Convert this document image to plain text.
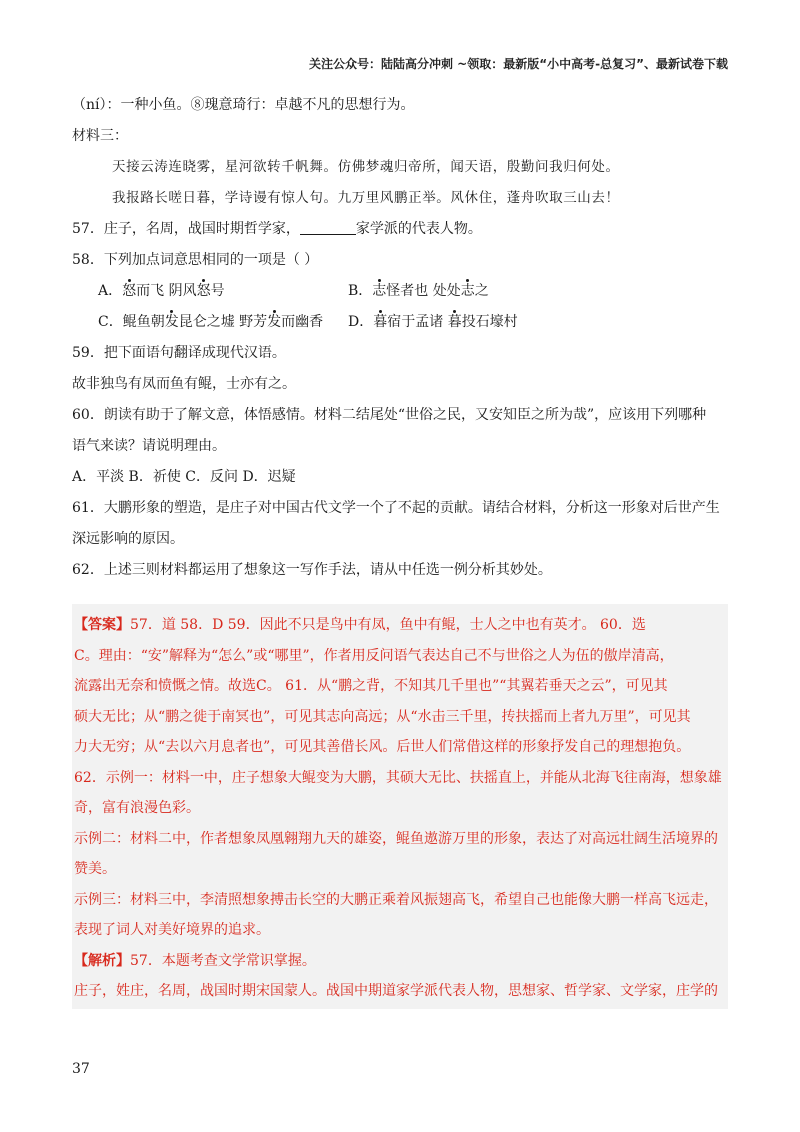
关注公众号：陆陆高分冲刺 ~领取：最新版“小中高考-总复习”、最新试卷下载

（ní）：一种小鱼。⑧瑰意琦行：卓越不凡的思想行为。

材料三：

天接云涛连晓雾，星河欲转千帆舞。仿佛梦魂归帝所，闻天语，殷勤问我归何处。

我报路长嗟日暮，学诗谩有惊人句。九万里风鹏正举。风休住，蓬舟吹取三山去！

57．庄子，名周，战国时期哲学家，	家学派的代表人物。

58．下列加点词意思相同的一项是（ ）

A．怒而飞 阴风怒号	B．志怪者也 处处志之
C．鲲鱼朝发昆仑之墟 野芳发而幽香	D．暮宿于孟诸 暮投石壕村

59．把下面语句翻译成现代汉语。

故非独鸟有凤而鱼有鲲，士亦有之。

60．朗读有助于了解文意，体悟感情。材料二结尾处“世俗之民，又安知臣之所为哉”，应该用下列哪种

语气来读？请说明理由。

A．平淡 B．祈使 C．反问 D．迟疑

61．大鹏形象的塑造，是庄子对中国古代文学一个了不起的贡献。请结合材料，分析这一形象对后世产生

深远影响的原因。

62．上述三则材料都运用了想象这一写作手法，请从中任选一例分析其妙处。

【答案】57．道 58．D 59．因此不只是鸟中有凤，鱼中有鲲，士人之中也有英才。 60．选

C。理由：“安”解释为“怎么”或“哪里”，作者用反问语气表达自己不与世俗之人为伍的傲岸清高，

流露出无奈和愤慨之情。故选C。 61．从“鹏之背，不知其几千里也”“其翼若垂天之云”，可见其

硕大无比；从“鹏之徙于南冥也”，可见其志向高远；从“水击三千里，抟扶摇而上者九万里”，可见其

力大无穷；从“去以六月息者也”，可见其善借长风。后世人们常借这样的形象抒发自己的理想抱负。

62．示例一：材料一中，庄子想象大鲲变为大鹏，其硕大无比、扶摇直上，并能从北海飞往南海，想象雄

奇，富有浪漫色彩。

示例二：材料二中，作者想象凤凰翱翔九天的雄姿，鲲鱼遨游万里的形象，表达了对高远壮阔生活境界的

赞美。

示例三：材料三中，李清照想象搏击长空的大鹏正乘着风振翅高飞，希望自己也能像大鹏一样高飞远走，

表现了词人对美好境界的追求。

【解析】57．本题考查文学常识掌握。

庄子，姓庄，名周，战国时期宋国蒙人。战国中期道家学派代表人物，思想家、哲学家、文学家，庄学的

37
